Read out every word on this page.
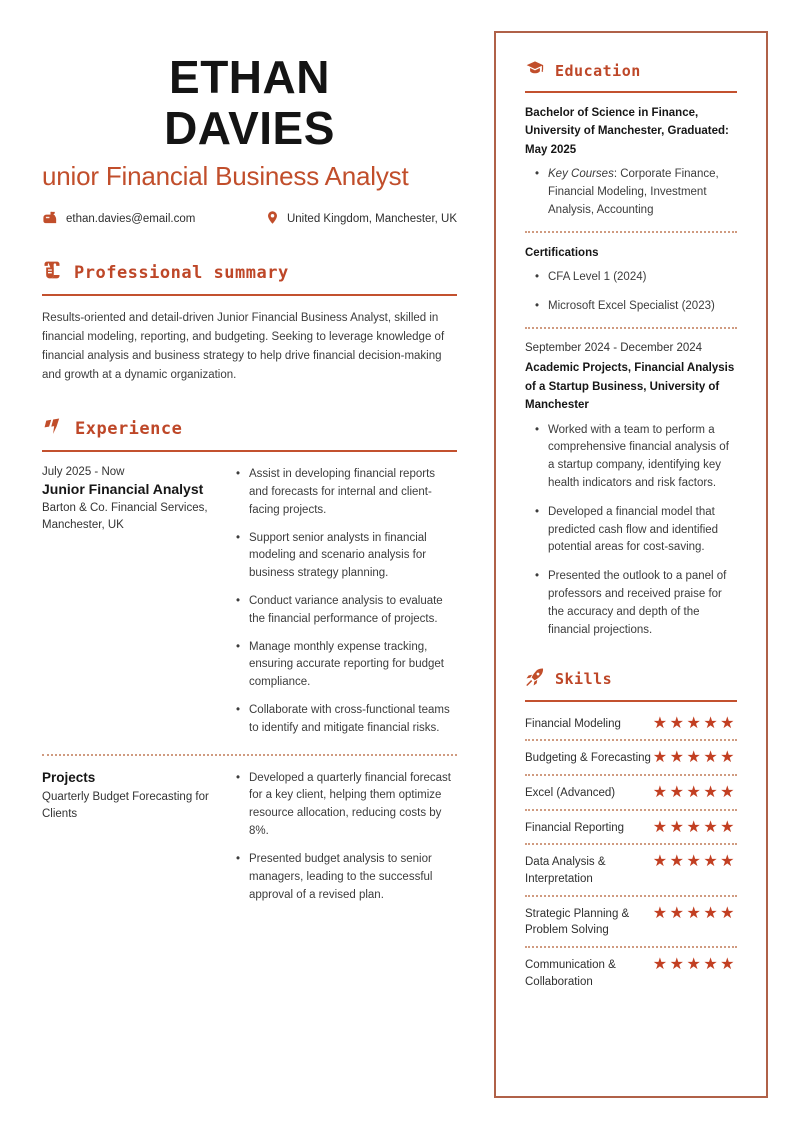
ETHAN
DAVIES
unior Financial Business Analyst
ethan.davies@email.com	United Kingdom, Manchester, UK
Professional summary

Results-oriented and detail-driven Junior Financial Business Analyst, skilled in financial modeling, reporting, and budgeting. Seeking to leverage knowledge of financial analysis and business strategy to help drive financial decision-making and growth at a dynamic organization.

Experience
July 2025 - Now
Junior Financial Analyst
Barton & Co. Financial Services, Manchester, UK
• Assist in developing financial reports and forecasts for internal and client-facing projects.
• Support senior analysts in financial modeling and scenario analysis for business strategy planning.
• Conduct variance analysis to evaluate the financial performance of projects.
• Manage monthly expense tracking, ensuring accurate reporting for budget compliance.
• Collaborate with cross-functional teams to identify and mitigate financial risks.
Projects
Quarterly Budget Forecasting for Clients
• Developed a quarterly financial forecast for a key client, helping them optimize resource allocation, reducing costs by 8%.
• Presented budget analysis to senior managers, leading to the successful approval of a revised plan.
Education
Bachelor of Science in Finance, University of Manchester, Graduated: May 2025
• Key Courses: Corporate Finance, Financial Modeling, Investment Analysis, Accounting
Certifications
• CFA Level 1 (2024)
• Microsoft Excel Specialist (2023)
September 2024 - December 2024
Academic Projects, Financial Analysis of a Startup Business, University of Manchester
• Worked with a team to perform a comprehensive financial analysis of a startup company, identifying key health indicators and risk factors.
• Developed a financial model that predicted cash flow and identified potential areas for cost-saving.
• Presented the outlook to a panel of professors and received praise for the accuracy and depth of the financial projections.
Skills
Financial Modeling	★★★★★
Budgeting & Forecasting ★★★★★
Excel (Advanced)	★★★★★
Financial Reporting	★★★★★
Data Analysis & Interpretation
★★★★★
Strategic Planning & Problem Solving
★★★★★
Communication & Collaboration
★★★★★
